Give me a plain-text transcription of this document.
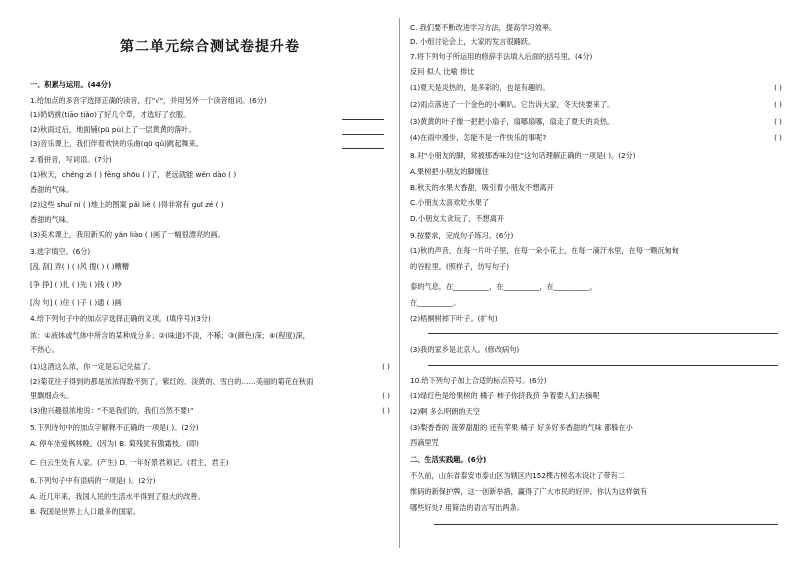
第二单元综合测试卷提升卷
一、积累与运用。(44分)
1.给加点的多音字选择正确的读音，打"√"，并用另外一个读音组词。(6分)
(1)奶奶挑(tiāo tiǎo)了好几个草，才选好了衣服。
(2)秋雨过后，地面铺(pū pù)上了一层黄黄的落叶。
(3)音乐课上，我们伴着欢快的乐曲(qū qǔ)跳起舞来。
2.看拼音，写词语。(7分)
(1)秋天，chéng zi ( ) fēng shōu ( )了，老远就能 wén dào ( )
香甜的气味。
(2)这些 shuǐ ní ( )地上的图案 pái liè ( )得非常有 guī zé ( )
香甜的气味。
(3)美术课上，我用新买的 yán liào ( )画了一幅很漂亮的画。
3.选字填空。(6分)
[乱 刮] 弄( ) ( )风 搜( ) ( )糟糟
[争 挣] ( )扎 ( )先 ( )钱 ( )吵
[沟 句] ( )住 ( )子 ( )通 ( )画
4.给下列句子中的加点字选择正确的义项。(填序号)(3分)
浓：①液体或气体中所含的某种成分多；②(味道)不淡，不稀；③(颜色)深；④(程度)深，
不热心。
(1)这酒这么浓，你一定是忘记兑盐了。
(2)菊花往子得到的都是浓浓得数不到了，紫红的、淡黄的、雪白的……美丽的菊花在秋雨
里飘细点头。
(3)他兴趣很浓地说："不是我们的，我们当然不要!"
5.下列诗句中的加点字解释不正确的一项是( )。(2分)
A. 停车坐爱枫林晚。(因为) B. 菊残犹有傲霜枝。(即)
C. 白云生处有人家。(产生) D. 一年好景君须记。(君主，君王)
6.下列句子中有语病的一项是( )。(2分)
A. 近几年来，我国人民的生活水平得到了很大的改善。
B. 我国是世界上人口最多的国家。
( )
( )
( )
C. 我们要不断改进学习方法，提高学习效率。
D. 小组讨论会上，大家的发言很踊跃。
7.将下列句子所运用的修辞手法填入后面的括号里。(4分)
反问 拟人 比喻 排比
(1)夏天是炎热的，是多彩的，也是有趣的。
(2)雨点落进了一个金色的小喇叭。它告诉大家，冬天快要来了。
(3)黄黄的叶子像一把把小扇子，扇哪扇哪，扇走了夏天的炎热。
(4)在雨中漫步，怎能不是一件快乐的事呢?
8.对"小朋友的脚，常被那香味勾住"这句话理解正确的一项是( )。(2分)
A.果树把小朋友的脚缠住
B.秋天的水果大香甜，吸引着小朋友不想离开
C.小朋友太喜欢吃水果了
D.小朋友太贪玩了，不想离开
9.按要求，完成句子练习。(6分)
(1)秋的声音，在每一片叶子里，在每一朵小花上，在每一滴汗水里，在每一颗沉甸甸
的谷粒里。(照样子，仿写句子)
泰的气息，在__________，在__________，在__________，
在__________。
(2)梧桐树掉下叶子。(扩句)
(3)我的家乡是北京人。(修改病句)
10.给下列句子加上合适的标点符号。(6分)
(1)绿红色是给果树的 橘子 柿子你挤我挤 争着要人们去摘呢
(2)啊 多么明朗的天空
(3)梨香香的 菠萝甜甜的 还有苹果 橘子 好多好多香甜的气味 都躲在小
西滴里咒
二、生活实践题。(6分)
不久前，山东省泰安市泰山区为辖区内152棵古树名木设计了带有二
维码的新保护牌，这一创新举措，赢得了广大市民的好评。你认为这样做有
哪些好处? 用简洁的语言写出两条。
( )
( )
( )
( )
